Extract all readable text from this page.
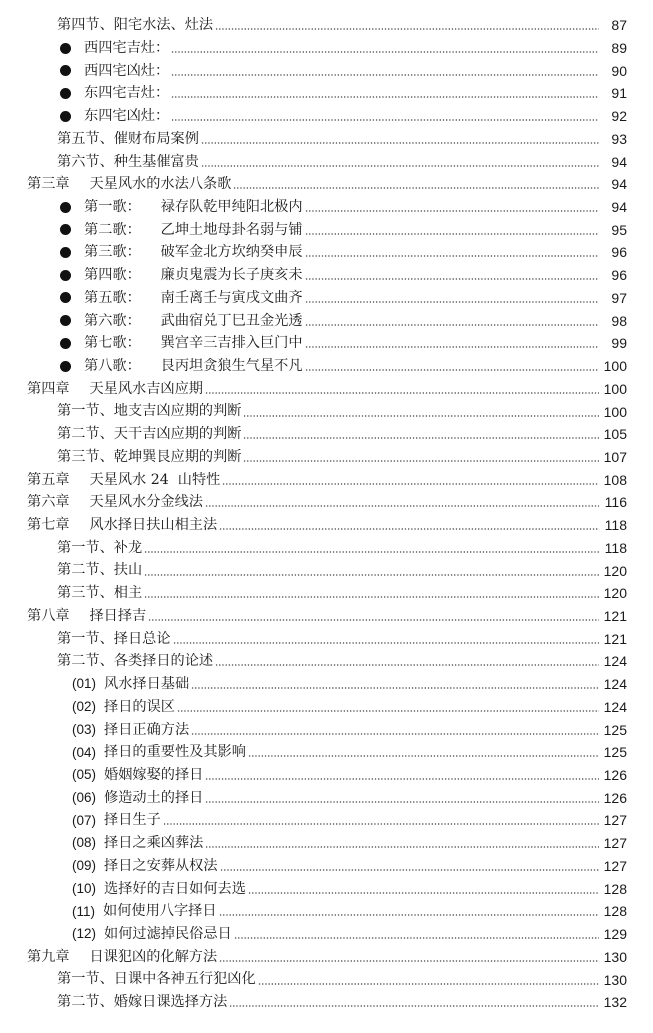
第四节、阳宅水法、灶法	87
西四宅吉灶：	89
西四宅凶灶：	90
东四宅吉灶：	91
东四宅凶灶：	92
第五节、催财布局案例	93
第六节、种生基催富贵	94
第三章 天星风水的水法八条歌	94
第一歌： 禄存队乾甲纯阳北极内	94
第二歌： 乙坤土地母卦名弱与铺	95
第三歌： 破军金北方坎纳癸申辰	96
第四歌： 廉贞鬼震为长子庚亥未	96
第五歌： 南壬离壬与寅戌文曲齐	97
第六歌： 武曲宿兑丁巳丑金光透	98
第七歌： 巽宫辛三吉排入巨门中	99
第八歌： 艮丙坦贪狼生气星不凡	100
第四章 天星风水吉凶应期	100
第一节、地支吉凶应期的判断	100
第二节、天干吉凶应期的判断	105
第三节、乾坤巽艮应期的判断	107
第五章 天星风水 24  山特性	108
第六章 天星风水分金线法	116
第七章 风水择日扶山相主法	118
第一节、补龙	118
第二节、扶山	120
第三节、相主	120
第八章 择日择吉	121
第一节、择日总论	121
第二节、各类择日的论述	124
(01) 风水择日基础	124
(02) 择日的误区	124
(03) 择日正确方法	125
(04) 择日的重要性及其影响	125
(05) 婚姻嫁娶的择日	126
(06) 修造动土的择日	126
(07) 择日生子	127
(08) 择日之乘凶葬法	127
(09) 择日之安葬从权法	127
(10) 选择好的吉日如何去选	128
(11) 如何使用八字择日	128
(12) 如何过滤掉民俗忌日	129
第九章 日课犯凶的化解方法	130
第一节、日课中各神五行犯凶化	130
第二节、婚嫁日课选择方法	132
